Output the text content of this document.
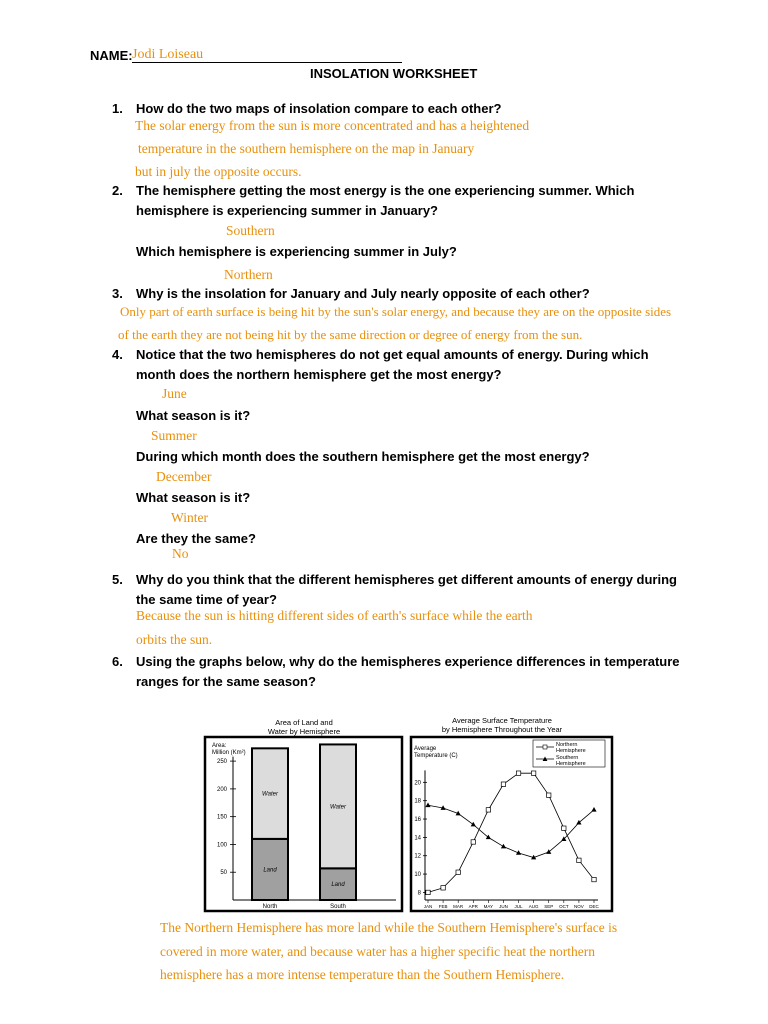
NAME: Jodi Loiseau
INSOLATION WORKSHEET
1. How do the two maps of insolation compare to each other?
The solar energy from the sun is more concentrated and has a heightened
temperature in the southern hemisphere on the map in January
but in july the opposite occurs.
2. The hemisphere getting the most energy is the one experiencing summer. Which
hemisphere is experiencing summer in January?
Southern
Which hemisphere is experiencing summer in July?
Northern
3. Why is the insolation for January and July nearly opposite of each other?
Only part of earth surface is being hit by the sun's solar energy, and because they are on the opposite sides
of the earth they are not being hit by the same direction or degree of energy from the sun.
4. Notice that the two hemispheres do not get equal amounts of energy. During which
month does the northern hemisphere get the most energy?
June
What season is it?
Summer
During which month does the southern hemisphere get the most energy?
December
What season is it?
Winter
Are they the same?
No
5. Why do you think that the different hemispheres get different amounts of energy during
the same time of year?
Because the sun is hitting different sides of earth's surface while the earth
orbits the sun.
6. Using the graphs below, why do the hemispheres experience differences in temperature
ranges for the same season?
Area of Land and
Water by Hemisphere
Area:
Million (Km²)
50
100
150
200
250
Land
Water
North
Land
Water
South
Average Surface Temperature
by Hemisphere Throughout the Year
Average
Temperature (C)
8
10
12
14
16
18
20
JAN FEB MAR APR MAY JUN JUL AUG SEP OCT NOV DEC
Northern
Hemisphere
Southern
Hemisphere
The Northern Hemisphere has more land while the Southern Hemisphere's surface is
covered in more water, and because water has a higher specific heat the northern
hemisphere has a more intense temperature than the Southern Hemisphere.
